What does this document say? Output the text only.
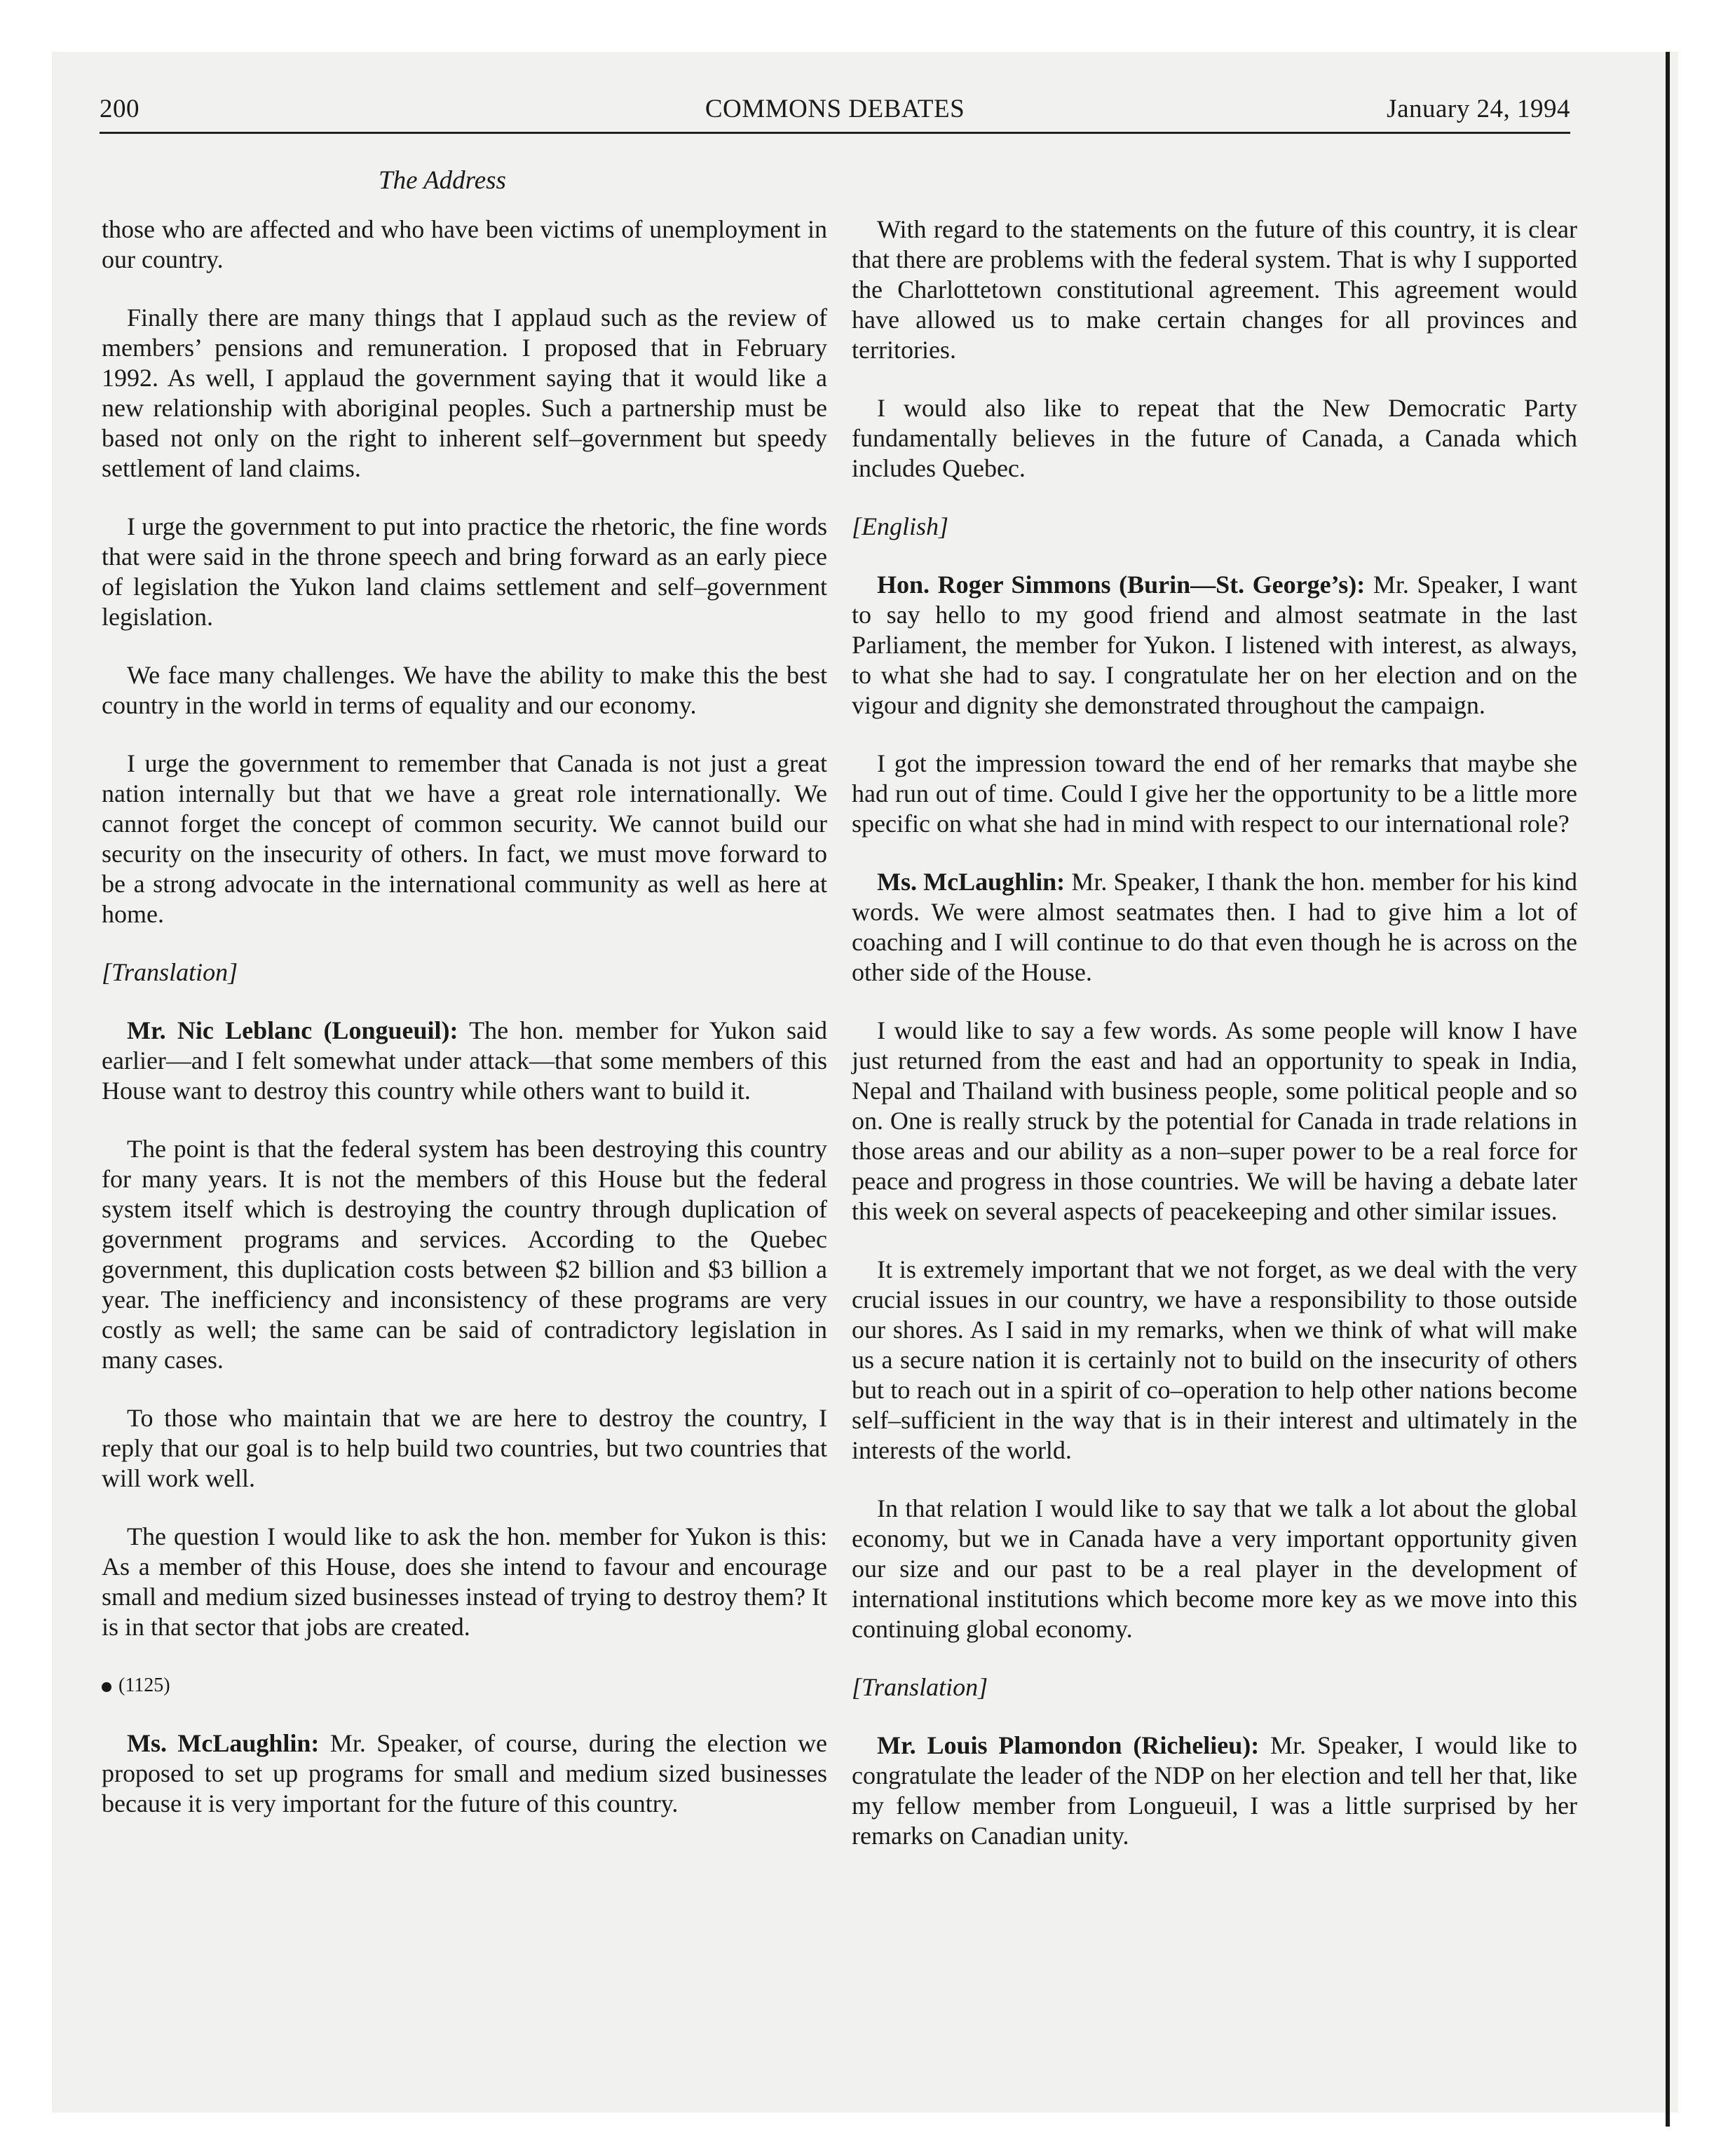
200	COMMONS DEBATES	January 24, 1994
The Address

those who are affected and who have been victims of unemployment in our country.

Finally there are many things that I applaud such as the review of members’ pensions and remuneration. I proposed that in February 1992. As well, I applaud the government saying that it would like a new relationship with aboriginal peoples. Such a partnership must be based not only on the right to inherent self–government but speedy settlement of land claims.

I urge the government to put into practice the rhetoric, the fine words that were said in the throne speech and bring forward as an early piece of legislation the Yukon land claims settlement and self–government legislation.

We face many challenges. We have the ability to make this the best country in the world in terms of equality and our economy.

I urge the government to remember that Canada is not just a great nation internally but that we have a great role internationally. We cannot forget the concept of common security. We cannot build our security on the insecurity of others. In fact, we must move forward to be a strong advocate in the international community as well as here at home.

[Translation]

Mr. Nic Leblanc (Longueuil): The hon. member for Yukon said earlier—and I felt somewhat under attack—that some members of this House want to destroy this country while others want to build it.

The point is that the federal system has been destroying this country for many years. It is not the members of this House but the federal system itself which is destroying the country through duplication of government programs and services. According to the Quebec government, this duplication costs between $2 billion and $3 billion a year. The inefficiency and inconsistency of these programs are very costly as well; the same can be said of contradictory legislation in many cases.

To those who maintain that we are here to destroy the country, I reply that our goal is to help build two countries, but two countries that will work well.

The question I would like to ask the hon. member for Yukon is this: As a member of this House, does she intend to favour and encourage small and medium sized businesses instead of trying to destroy them? It is in that sector that jobs are created.

(1125)

Ms. McLaughlin: Mr. Speaker, of course, during the election we proposed to set up programs for small and medium sized businesses because it is very important for the future of this country.

With regard to the statements on the future of this country, it is clear that there are problems with the federal system. That is why I supported the Charlottetown constitutional agreement. This agreement would have allowed us to make certain changes for all provinces and territories.

I would also like to repeat that the New Democratic Party fundamentally believes in the future of Canada, a Canada which includes Quebec.

[English]

Hon. Roger Simmons (Burin—St. George’s): Mr. Speaker, I want to say hello to my good friend and almost seatmate in the last Parliament, the member for Yukon. I listened with interest, as always, to what she had to say. I congratulate her on her election and on the vigour and dignity she demonstrated throughout the campaign.

I got the impression toward the end of her remarks that maybe she had run out of time. Could I give her the opportunity to be a little more specific on what she had in mind with respect to our international role?

Ms. McLaughlin: Mr. Speaker, I thank the hon. member for his kind words. We were almost seatmates then. I had to give him a lot of coaching and I will continue to do that even though he is across on the other side of the House.

I would like to say a few words. As some people will know I have just returned from the east and had an opportunity to speak in India, Nepal and Thailand with business people, some political people and so on. One is really struck by the potential for Canada in trade relations in those areas and our ability as a non–super power to be a real force for peace and progress in those countries. We will be having a debate later this week on several aspects of peacekeeping and other similar issues.

It is extremely important that we not forget, as we deal with the very crucial issues in our country, we have a responsibility to those outside our shores. As I said in my remarks, when we think of what will make us a secure nation it is certainly not to build on the insecurity of others but to reach out in a spirit of co–operation to help other nations become self–sufficient in the way that is in their interest and ultimately in the interests of the world.

In that relation I would like to say that we talk a lot about the global economy, but we in Canada have a very important opportunity given our size and our past to be a real player in the development of international institutions which become more key as we move into this continuing global economy.

[Translation]

Mr. Louis Plamondon (Richelieu): Mr. Speaker, I would like to congratulate the leader of the NDP on her election and tell her that, like my fellow member from Longueuil, I was a little surprised by her remarks on Canadian unity.
